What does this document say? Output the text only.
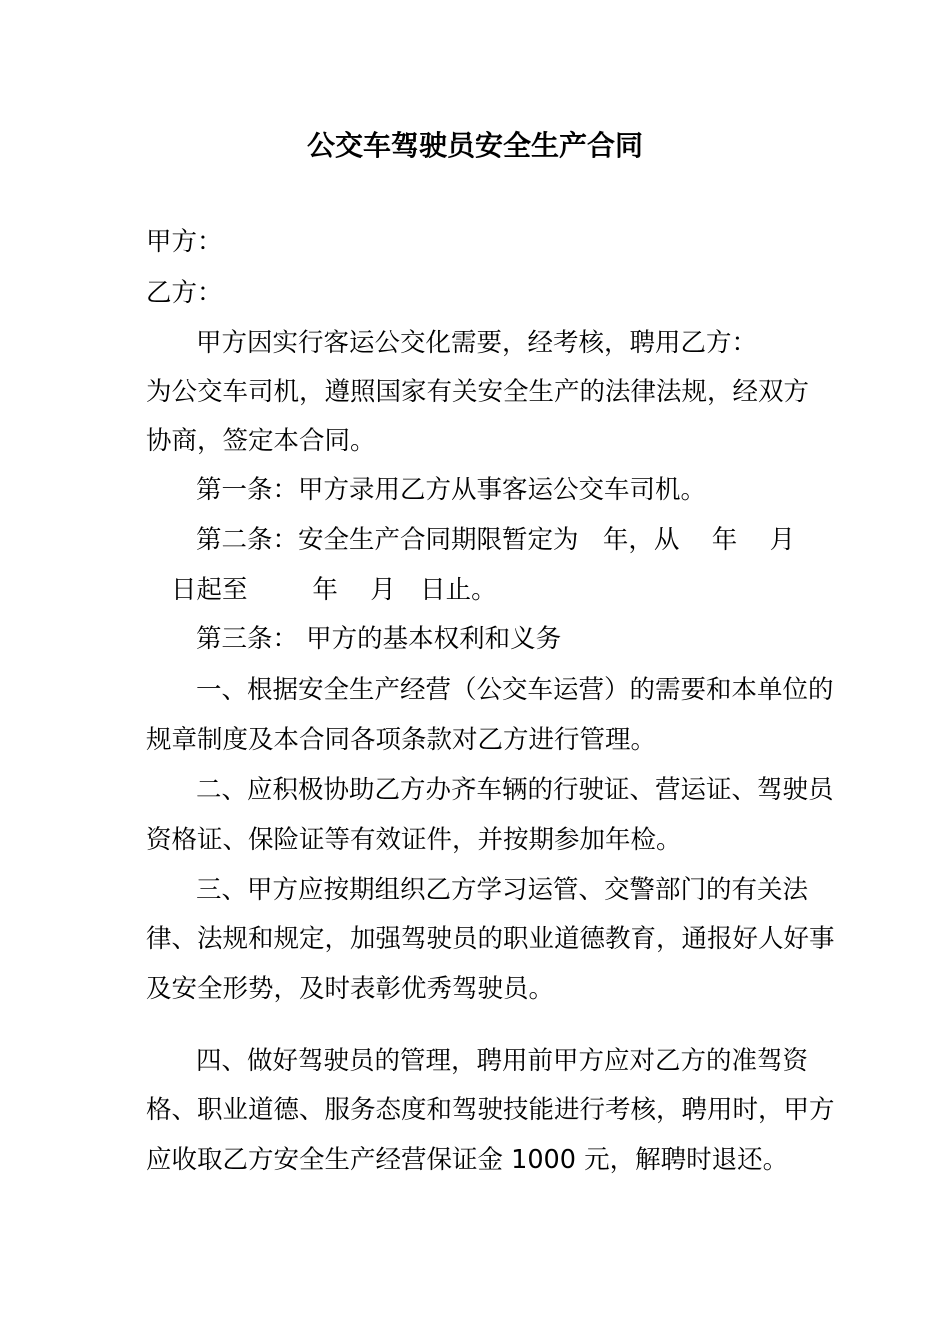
公交车驾驶员安全生产合同
甲方：
乙方：
甲方因实行客运公交化需要，经考核，聘用乙方：
为公交车司机，遵照国家有关安全生产的法律法规，经双方
协商，签定本合同。
第一条：甲方录用乙方从事客运公交车司机。
第二条：安全生产合同期限暂定为   年，从    年    月
日起至        年    月   日止。
第三条： 甲方的基本权利和义务
一、根据安全生产经营（公交车运营）的需要和本单位的
规章制度及本合同各项条款对乙方进行管理。
二、应积极协助乙方办齐车辆的行驶证、营运证、驾驶员
资格证、保险证等有效证件，并按期参加年检。
三、甲方应按期组织乙方学习运管、交警部门的有关法
律、法规和规定，加强驾驶员的职业道德教育，通报好人好事
及安全形势，及时表彰优秀驾驶员。
四、做好驾驶员的管理，聘用前甲方应对乙方的准驾资
格、职业道德、服务态度和驾驶技能进行考核，聘用时，甲方
应收取乙方安全生产经营保证金 1000 元，解聘时退还。
